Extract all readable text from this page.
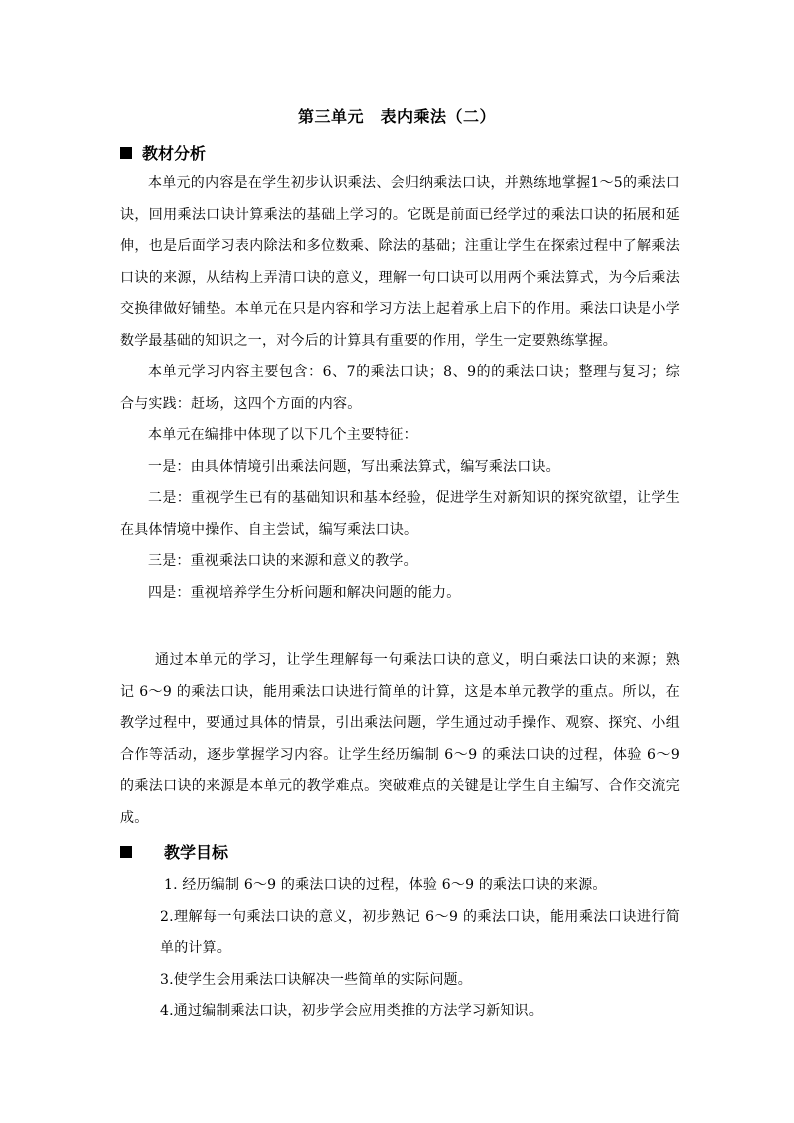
第三单元　表内乘法（二）
教材分析

本单元的内容是在学生初步认识乘法、会归纳乘法口诀，并熟练地掌握1～5的乘法口诀，回用乘法口诀计算乘法的基础上学习的。它既是前面已经学过的乘法口诀的拓展和延伸，也是后面学习表内除法和多位数乘、除法的基础；注重让学生在探索过程中了解乘法口诀的来源，从结构上弄清口诀的意义，理解一句口诀可以用两个乘法算式，为今后乘法交换律做好铺垫。本单元在只是内容和学习方法上起着承上启下的作用。乘法口诀是小学数学最基础的知识之一，对今后的计算具有重要的作用，学生一定要熟练掌握。

本单元学习内容主要包含：6、7的乘法口诀；8、9的的乘法口诀；整理与复习；综合与实践：赶场，这四个方面的内容。

本单元在编排中体现了以下几个主要特征：

一是：由具体情境引出乘法问题，写出乘法算式，编写乘法口诀。

二是：重视学生已有的基础知识和基本经验，促进学生对新知识的探究欲望，让学生在具体情境中操作、自主尝试，编写乘法口诀。

三是：重视乘法口诀的来源和意义的教学。

四是：重视培养学生分析问题和解决问题的能力。

通过本单元的学习，让学生理解每一句乘法口诀的意义，明白乘法口诀的来源；熟记 6～9 的乘法口诀，能用乘法口诀进行简单的计算，这是本单元教学的重点。所以，在教学过程中，要通过具体的情景，引出乘法问题，学生通过动手操作、观察、探究、小组合作等活动，逐步掌握学习内容。让学生经历编制 6～9 的乘法口诀的过程，体验 6～9 的乘法口诀的来源是本单元的教学难点。突破难点的关键是让学生自主编写、合作交流完成。

教学目标

1. 经历编制 6～9 的乘法口诀的过程，体验 6～9 的乘法口诀的来源。

2.理解每一句乘法口诀的意义，初步熟记 6～9 的乘法口诀，能用乘法口诀进行简单的计算。

3.使学生会用乘法口诀解决一些简单的实际问题。

4.通过编制乘法口诀，初步学会应用类推的方法学习新知识。
